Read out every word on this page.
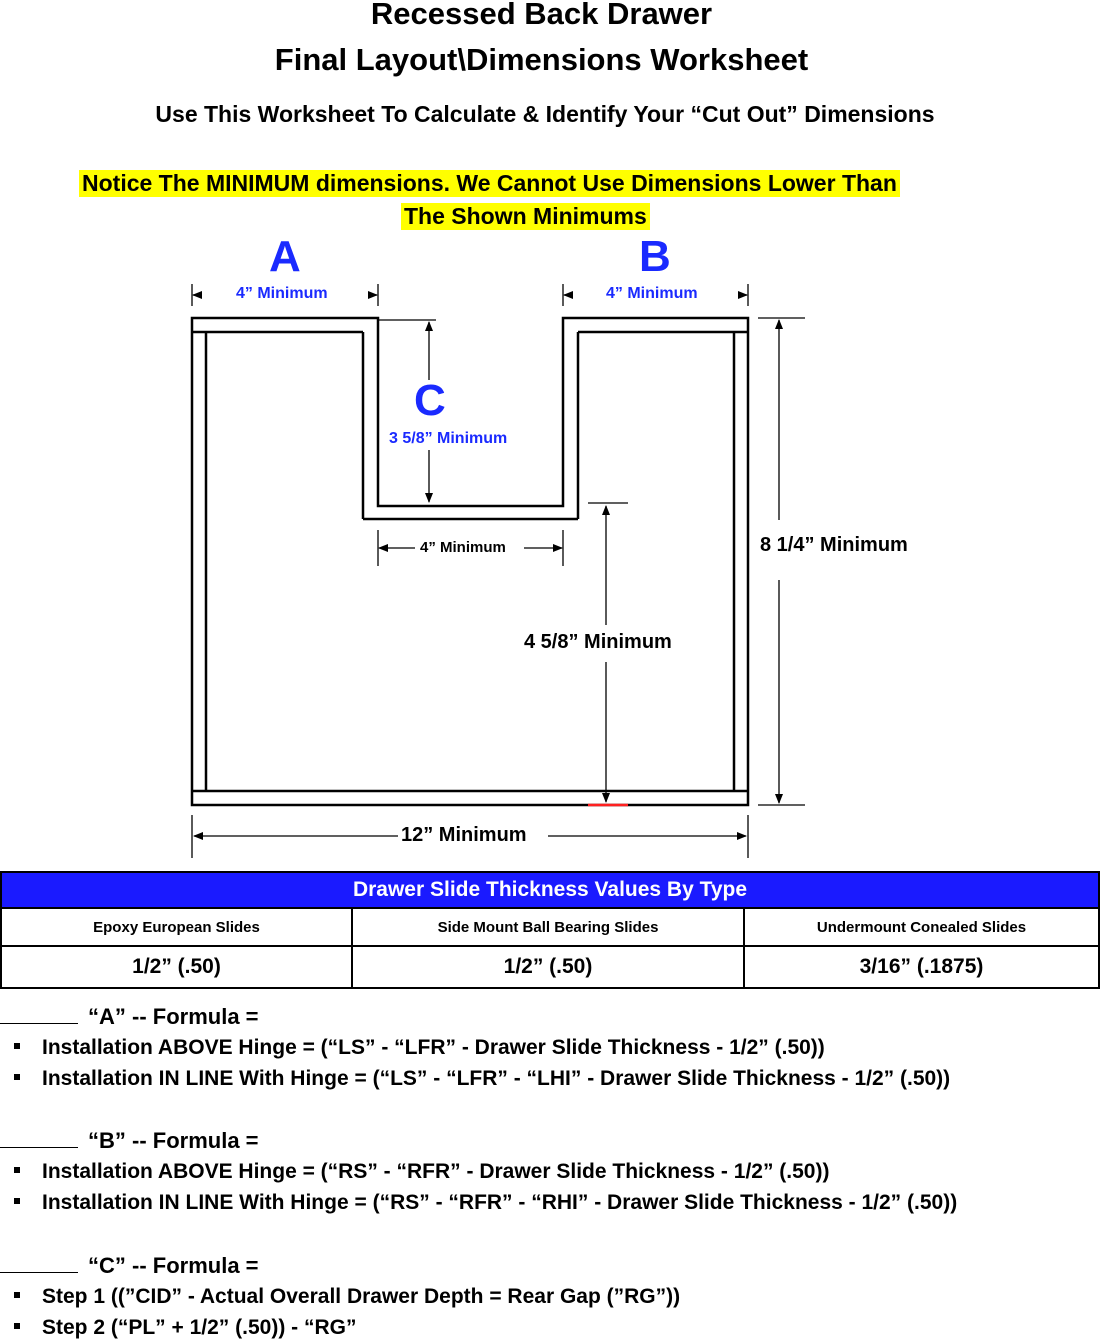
Recessed Back Drawer
Final Layout\Dimensions Worksheet
Use This Worksheet To Calculate & Identify Your “Cut Out” Dimensions
Notice The MINIMUM dimensions. We Cannot Use Dimensions Lower Than
The Shown Minimums
A	B
C
4” Minimum	4” Minimum
3 5/8” Minimum
4” Minimum	8 1/4” Minimum
4 5/8” Minimum
12” Minimum
Drawer Slide Thickness Values By Type		
Epoxy European Slides	Side Mount Ball Bearing Slides	Undermount Conealed Slides
1/2” (.50)	1/2” (.50)	3/16” (.1875)
“A” -- Formula =
Installation ABOVE Hinge = (“LS” - “LFR” - Drawer Slide Thickness - 1/2” (.50))
Installation IN LINE With Hinge = (“LS” - “LFR” - “LHI” - Drawer Slide Thickness - 1/2” (.50))
“B” -- Formula =
Installation ABOVE Hinge = (“RS” - “RFR” - Drawer Slide Thickness - 1/2” (.50))
Installation IN LINE With Hinge = (“RS” - “RFR” - “RHI” - Drawer Slide Thickness - 1/2” (.50))
“C” -- Formula =
Step 1 ((”CID” - Actual Overall Drawer Depth = Rear Gap (”RG”))
Step 2 (“PL” + 1/2” (.50)) - “RG”
